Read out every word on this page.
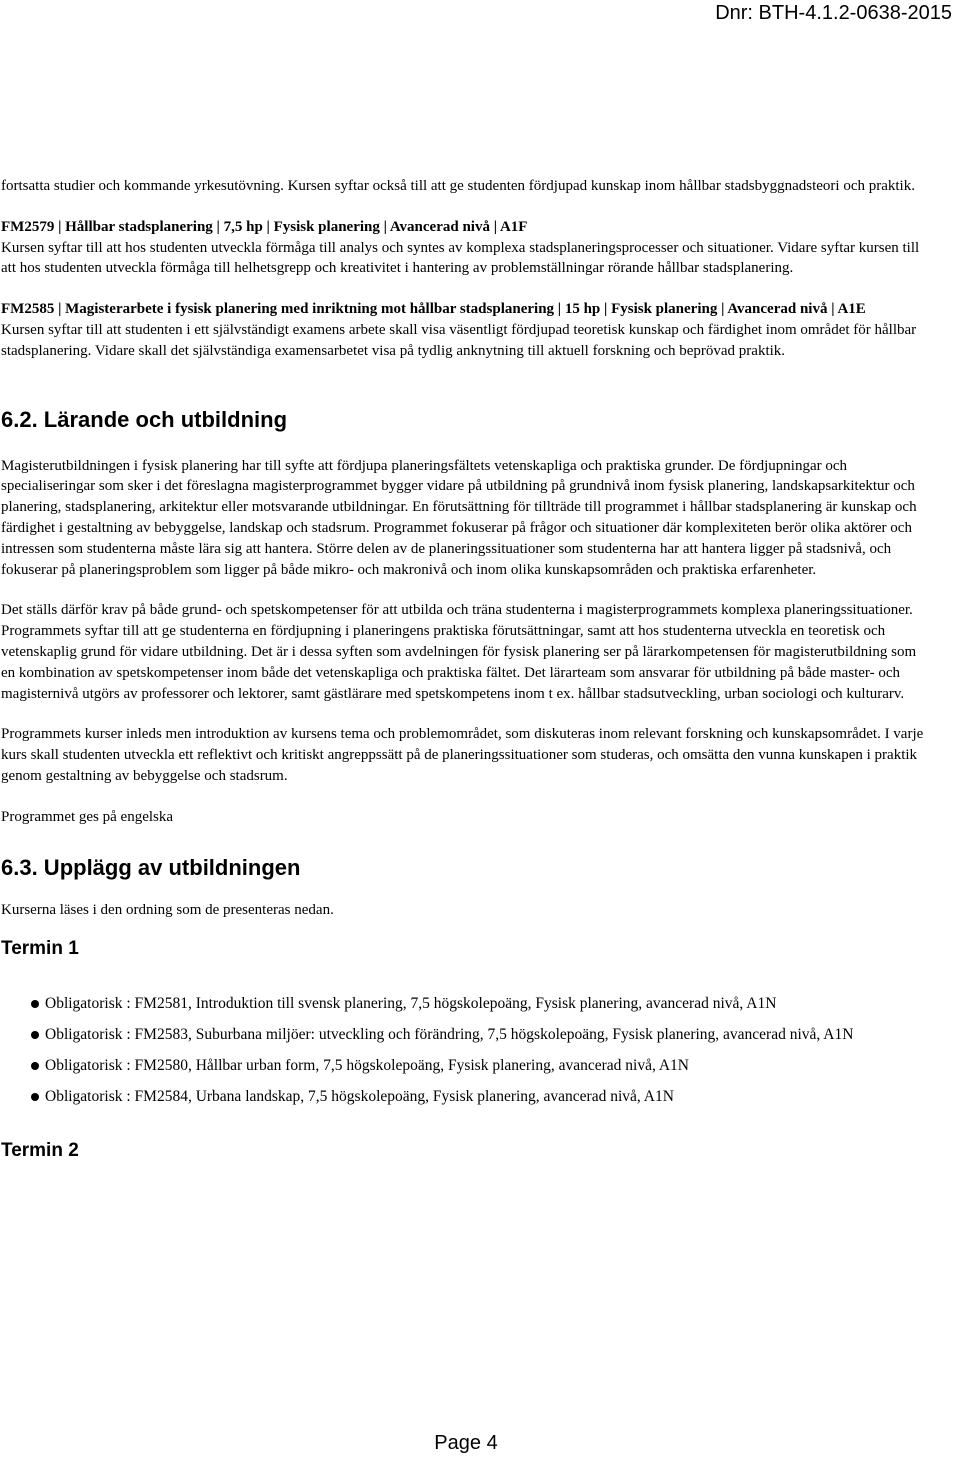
Dnr: BTH-4.1.2-0638-2015

fortsatta studier och kommande yrkesutövning. Kursen syftar också till att ge studenten fördjupad kunskap inom hållbar stadsbyggnadsteori och praktik.

FM2579 | Hållbar stadsplanering | 7,5 hp | Fysisk planering | Avancerad nivå | A1F

Kursen syftar till att hos studenten utveckla förmåga till analys och syntes av komplexa stadsplaneringsprocesser och situationer. Vidare syftar kursen till att hos studenten utveckla förmåga till helhetsgrepp och kreativitet i hantering av problemställningar rörande hållbar stadsplanering.

FM2585 | Magisterarbete i fysisk planering med inriktning mot hållbar stadsplanering | 15 hp | Fysisk planering | Avancerad nivå | A1E

Kursen syftar till att studenten i ett självständigt examens arbete skall visa väsentligt fördjupad teoretisk kunskap och färdighet inom området för hållbar stadsplanering. Vidare skall det självständiga examensarbetet visa på tydlig anknytning till aktuell forskning och beprövad praktik.

6.2. Lärande och utbildning

Magisterutbildningen i fysisk planering har till syfte att fördjupa planeringsfältets vetenskapliga och praktiska grunder. De fördjupningar och specialiseringar som sker i det föreslagna magisterprogrammet bygger vidare på utbildning på grundnivå inom fysisk planering, landskapsarkitektur och planering, stadsplanering, arkitektur eller motsvarande utbildningar. En förutsättning för tillträde till programmet i hållbar stadsplanering är kunskap och färdighet i gestaltning av bebyggelse, landskap och stadsrum. Programmet fokuserar på frågor och situationer där komplexiteten berör olika aktörer och intressen som studenterna måste lära sig att hantera. Större delen av de planeringssituationer som studenterna har att hantera ligger på stadsnivå, och fokuserar på planeringsproblem som ligger på både mikro- och makronivå och inom olika kunskapsområden och praktiska erfarenheter.

Det ställs därför krav på både grund- och spetskompetenser för att utbilda och träna studenterna i magisterprogrammets komplexa planeringssituationer. Programmets syftar till att ge studenterna en fördjupning i planeringens praktiska förutsättningar, samt att hos studenterna utveckla en teoretisk och vetenskaplig grund för vidare utbildning. Det är i dessa syften som avdelningen för fysisk planering ser på lärarkompetensen för magisterutbildning som en kombination av spetskompetenser inom både det vetenskapliga och praktiska fältet. Det lärarteam som ansvarar för utbildning på både master- och magisternivå utgörs av professorer och lektorer, samt gästlärare med spetskompetens inom t ex. hållbar stadsutveckling, urban sociologi och kulturarv.

Programmets kurser inleds men introduktion av kursens tema och problemområdet, som diskuteras inom relevant forskning och kunskapsområdet. I varje kurs skall studenten utveckla ett reflektivt och kritiskt angreppssätt på de planeringssituationer som studeras, och omsätta den vunna kunskapen i praktik genom gestaltning av bebyggelse och stadsrum.

Programmet ges på engelska

6.3. Upplägg av utbildningen

Kurserna läses i den ordning som de presenteras nedan.

Termin 1
Obligatorisk : FM2581, Introduktion till svensk planering, 7,5 högskolepoäng, Fysisk planering, avancerad nivå, A1N
Obligatorisk : FM2583, Suburbana miljöer: utveckling och förändring, 7,5 högskolepoäng, Fysisk planering, avancerad nivå, A1N
Obligatorisk : FM2580, Hållbar urban form, 7,5 högskolepoäng, Fysisk planering, avancerad nivå, A1N
Obligatorisk : FM2584, Urbana landskap, 7,5 högskolepoäng, Fysisk planering, avancerad nivå, A1N
Termin 2
Page 4
